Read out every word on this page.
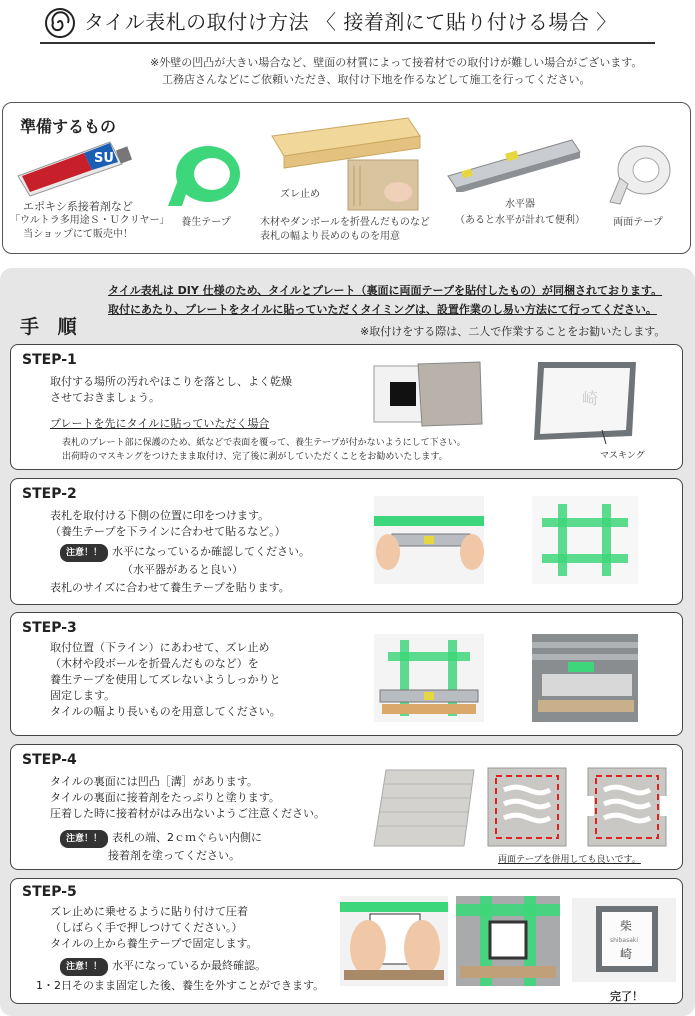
タイル表札の取付け方法 〈 接着剤にて貼り付ける場合 〉
※外壁の凹凸が大きい場合など、壁面の材質によって接着材での取付けが難しい場合がございます。
工務店さんなどにご依頼いただき、取付け下地を作るなどして施工を行ってください。
準備するもの
SU
エポキシ系接着剤など
「ウルトラ多用途Ｓ・Ｕクリヤー」
当ショップにて販売中！
養生テープ
ズレ止め
木材やダンボールを折畳んだものなど
表札の幅より長めのものを用意
水平器
（あると水平が計れて便利）	両面テープ
タイル表札は DIY 仕様のため、タイルとプレート（裏面に両面テープを貼付したもの）が同梱されております。
取付にあたり、プレートをタイルに貼っていただくタイミングは、設置作業のし易い方法にて行ってください。
手 順	※取付けをする際は、二人で作業することをお勧いたします。
STEP-1
取付する場所の汚れやほこりを落とし、よく乾燥
させておきましょう。
プレートを先にタイルに貼っていただく場合
表札のプレート部に保護のため、紙などで表面を覆って、養生テープが付かないようにして下さい。
出荷時のマスキングをつけたまま取付け、完了後に剥がしていただくことをお勧めいたします。
崎
マスキング
STEP-2
表札を取付ける下側の位置に印をつけます。
（養生テープを下ラインに合わせて貼るなど。）
注意！！ 水平になっているか確認してください。
（水平器があると良い）
表札のサイズに合わせて養生テープを貼ります。
STEP-3
取付位置（下ライン）にあわせて、ズレ止め
（木材や段ボールを折畳んだものなど）を
養生テープを使用してズレないようしっかりと
固定します。
タイルの幅より長いものを用意してください。
STEP-4
タイルの裏面には凹凸［溝］があります。
タイルの裏面に接着剤をたっぷりと塗ります。
圧着した時に接着材がはみ出ないようご注意ください。
注意！！ 表札の端、2ｃｍぐらい内側に
接着剤を塗ってください。	両面テープを併用しても良いです。
STEP-5
ズレ止めに乗せるように貼り付けて圧着
（しばらく手で押しつけてください。）
タイルの上から養生テープで固定します。
注意！！ 水平になっているか最終確認。
1・2日そのまま固定した後、養生を外すことができます。
柴
shibasaki
崎
完了！
